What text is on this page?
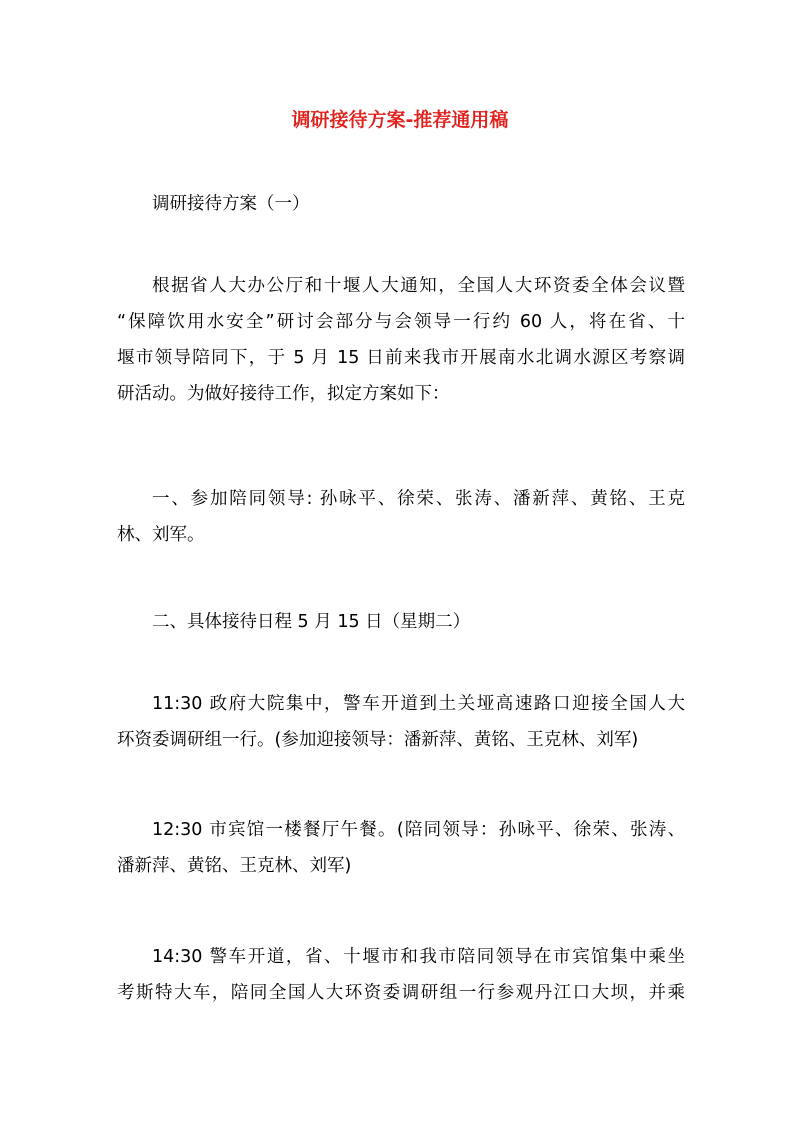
调研接待方案-推荐通用稿
调研接待方案（一）
根据省人大办公厅和十堰人大通知，全国人大环资委全体会议暨
“保障饮用水安全”研讨会部分与会领导一行约 60 人，将在省、十
堰市领导陪同下，于 5 月 15 日前来我市开展南水北调水源区考察调
研活动。为做好接待工作，拟定方案如下：
一、参加陪同领导: 孙咏平、徐荣、张涛、潘新萍、黄铭、王克
林、刘军。
二、具体接待日程 5 月 15 日（星期二）
11:30 政府大院集中，警车开道到土关垭高速路口迎接全国人大
环资委调研组一行。(参加迎接领导：潘新萍、黄铭、王克林、刘军)
12:30 市宾馆一楼餐厅午餐。(陪同领导：孙咏平、徐荣、张涛、
潘新萍、黄铭、王克林、刘军)
14:30 警车开道，省、十堰市和我市陪同领导在市宾馆集中乘坐
考斯特大车，陪同全国人大环资委调研组一行参观丹江口大坝，并乘
